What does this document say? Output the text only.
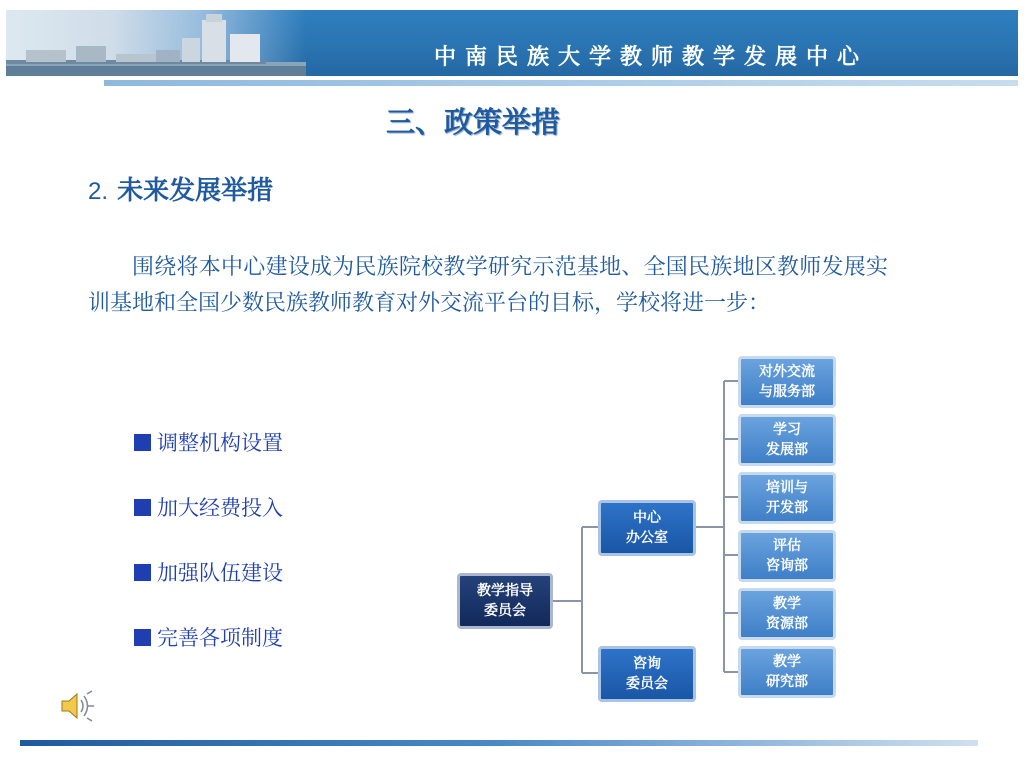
中南民族大学教师教学发展中心
三、政策举措
2. 未来发展举措
围绕将本中心建设成为民族院校教学研究示范基地、全国民族地区教师发展实训基地和全国少数民族教师教育对外交流平台的目标，学校将进一步：
调整机构设置
加大经费投入
加强队伍建设
完善各项制度
教学指导
委员会
中心
办公室
咨询
委员会
对外交流
与服务部
学习
发展部
培训与
开发部
评估
咨询部
教学
资源部
教学
研究部
